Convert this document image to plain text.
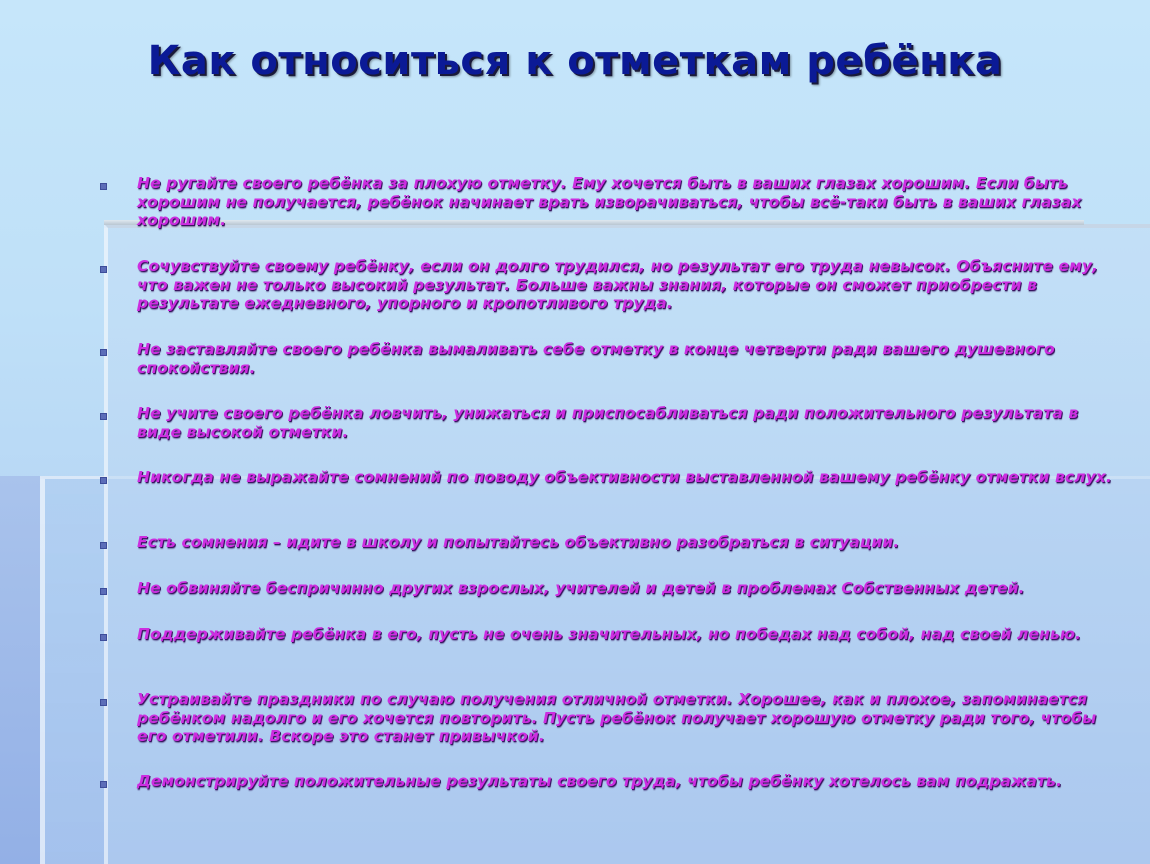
Как относиться к отметкам ребёнка
Не ругайте своего ребёнка за плохую отметку. Ему хочется быть в ваших глазах хорошим. Если быть хорошим не получается, ребёнок начинает врать изворачиваться, чтобы всё-таки быть в ваших глазах хорошим.
Сочувствуйте своему ребёнку, если он долго трудился, но результат его труда невысок. Объясните ему, что важен не только высокий результат. Больше важны знания, которые он сможет приобрести в результате ежедневного, упорного и кропотливого труда.
Не заставляйте своего ребёнка вымаливать себе отметку в конце четверти ради вашего душевного спокойствия.
Не учите своего ребёнка ловчить, унижаться и приспосабливаться ради положительного результата в виде высокой отметки.
Никогда не выражайте сомнений по поводу объективности выставленной вашему ребёнку отметки вслух.
Есть сомнения – идите в школу и попытайтесь объективно разобраться в ситуации.
Не обвиняйте беспричинно других взрослых, учителей и детей в проблемах Собственных детей.
Поддерживайте ребёнка в его, пусть не очень значительных, но победах над собой, над своей ленью.
Устраивайте праздники по случаю получения отличной отметки. Хорошее, как и плохое, запоминается ребёнком надолго и его хочется повторить. Пусть ребёнок получает хорошую отметку ради того, чтобы его отметили. Вскоре это станет привычкой.
Демонстрируйте положительные результаты своего труда, чтобы ребёнку хотелось вам подражать.
